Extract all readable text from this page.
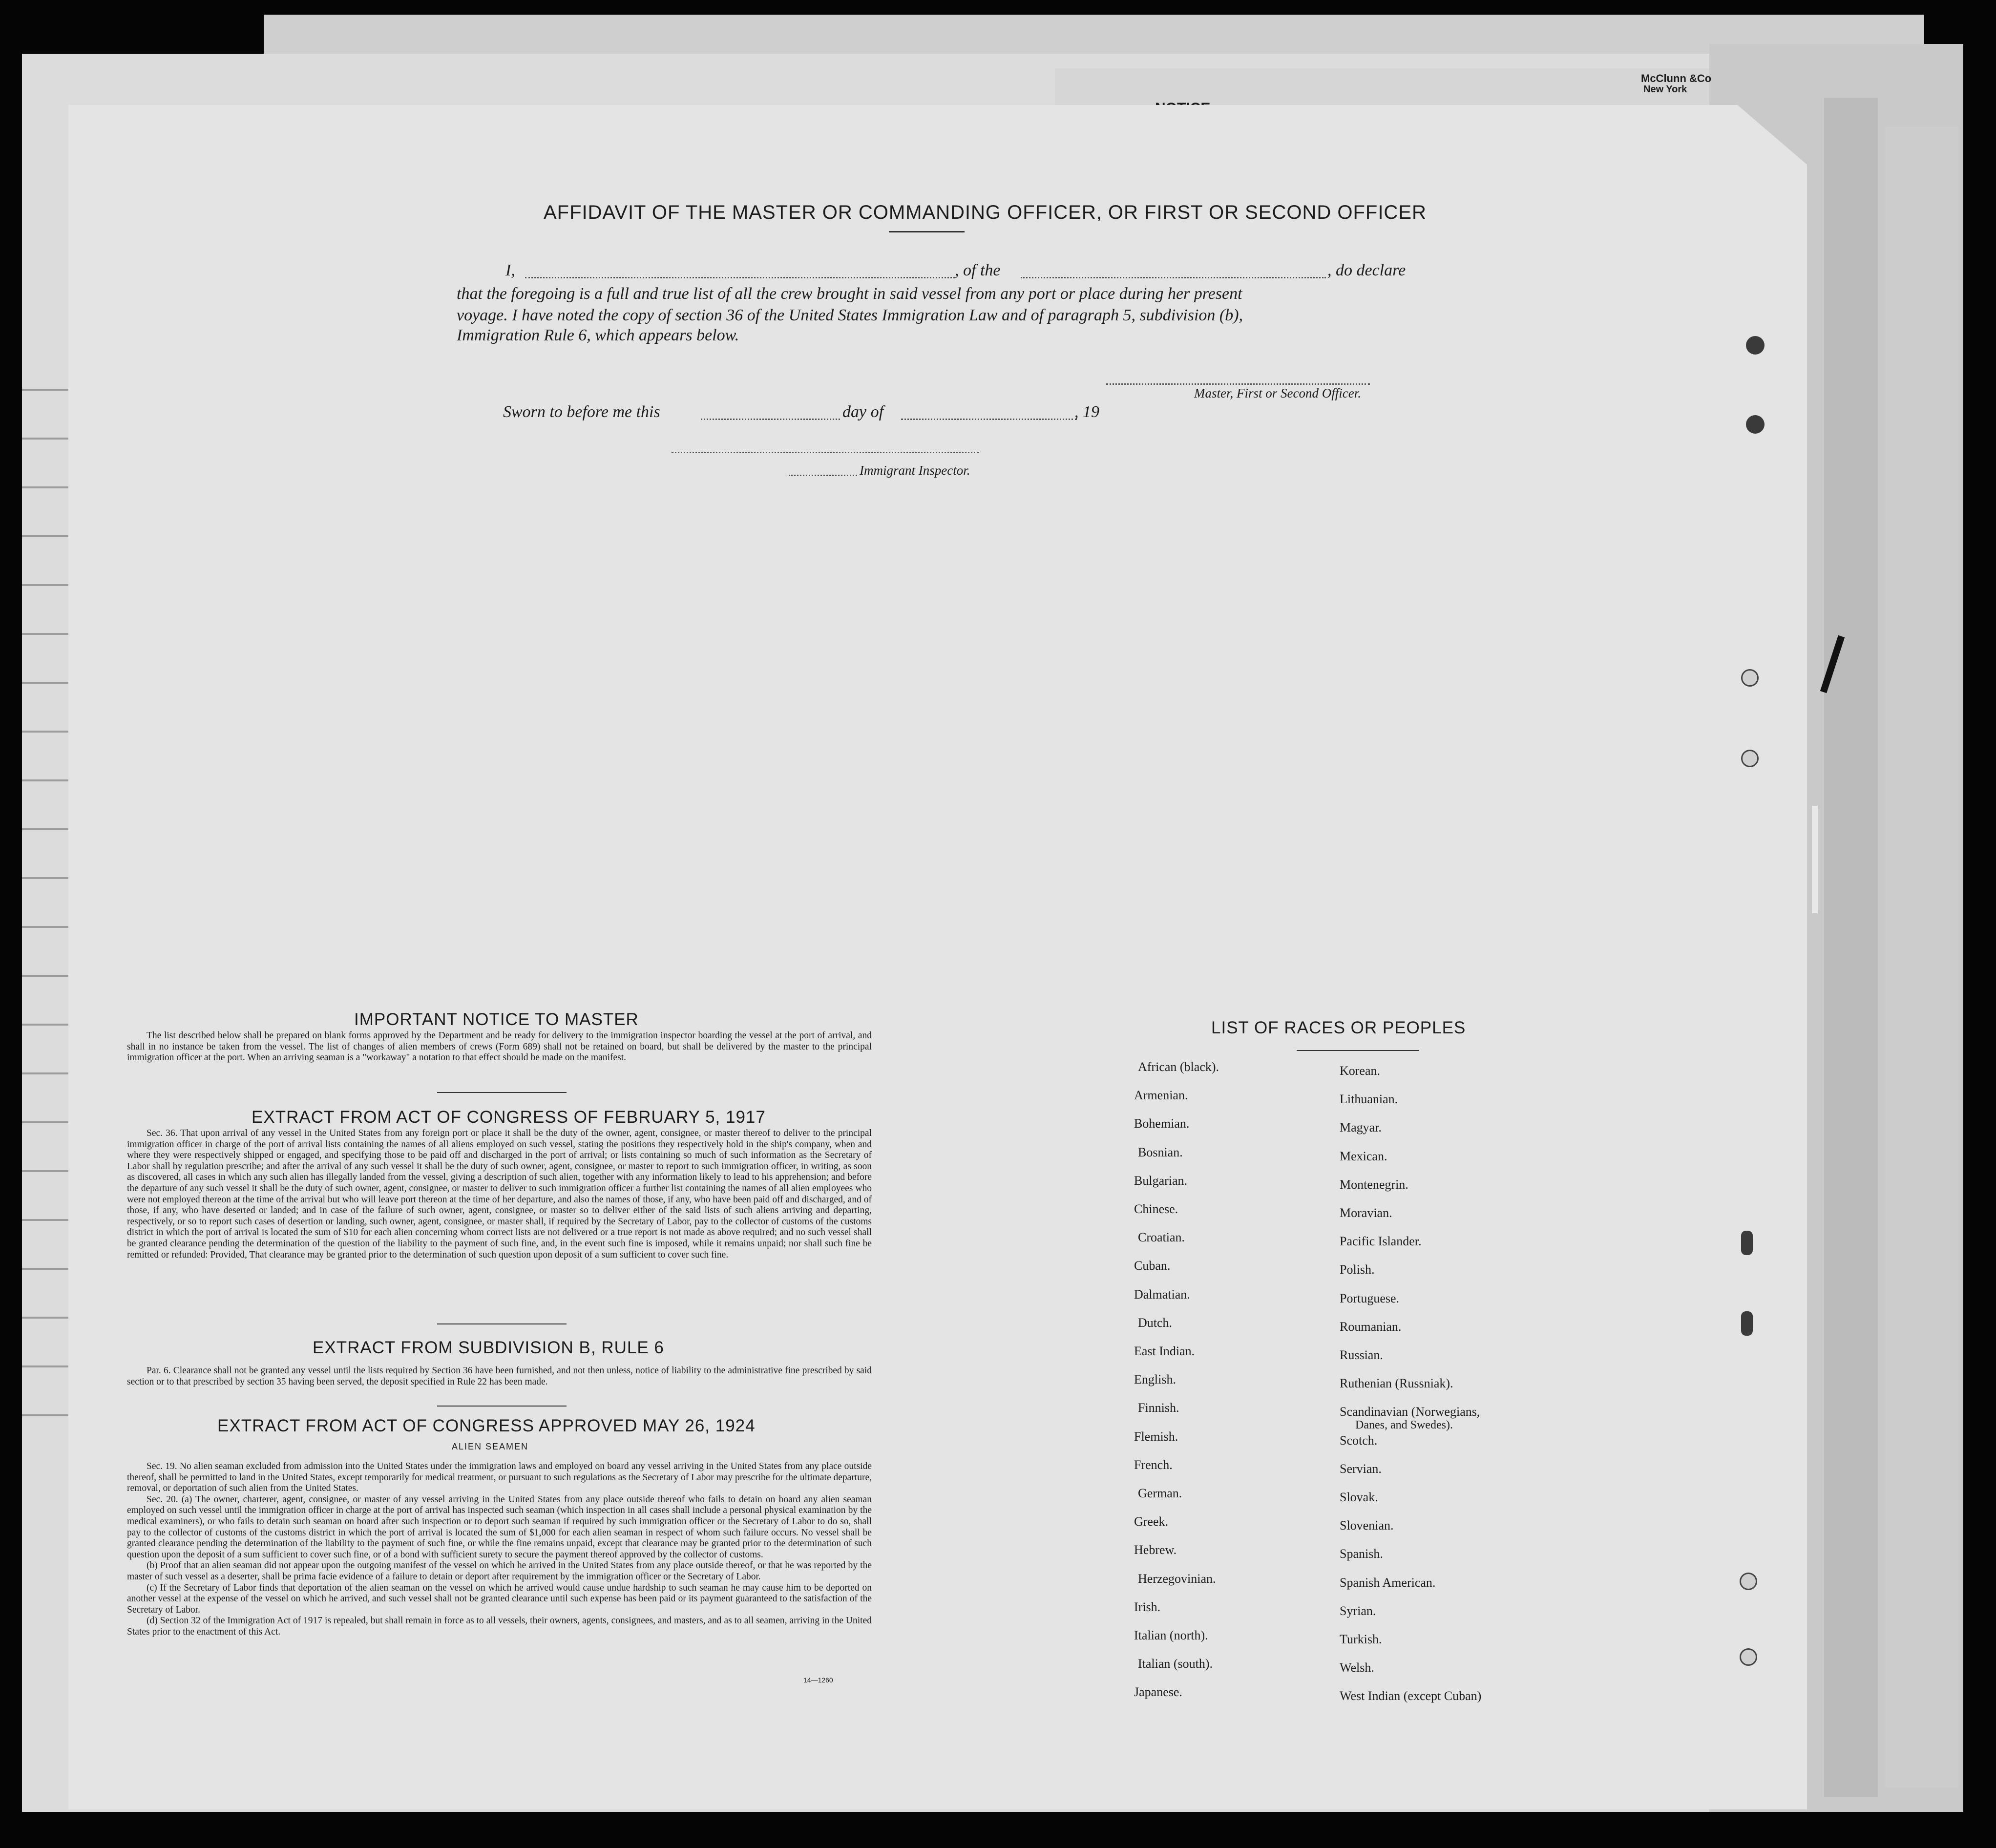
McClunn &Co
New York
AFFIDAVIT OF THE MASTER OR COMMANDING OFFICER, OR FIRST OR SECOND OFFICER
I,	, of the	, do declare
that the foregoing is a full and true list of all the crew brought in said vessel from any port or place during her present
voyage. I have noted the copy of section 36 of the United States Immigration Law and of paragraph 5, subdivision (b),
Immigration Rule 6, which appears below.
Master, First or Second Officer.
Sworn to before me this	day of	, 19
Immigrant Inspector.
IMPORTANT NOTICE TO MASTER

The list described below shall be prepared on blank forms approved by the Department and be ready for delivery to the immigration inspector boarding the vessel at the port of arrival, and shall in no instance be taken from the vessel. The list of changes of alien members of crews (Form 689) shall not be retained on board, but shall be delivered by the master to the principal immigration officer at the port. When an arriving seaman is a "workaway" a notation to that effect should be made on the manifest.

EXTRACT FROM ACT OF CONGRESS OF FEBRUARY 5, 1917

Sec. 36. That upon arrival of any vessel in the United States from any foreign port or place it shall be the duty of the owner, agent, consignee, or master thereof to deliver to the principal immigration officer in charge of the port of arrival lists containing the names of all aliens employed on such vessel, stating the positions they respectively hold in the ship's company, when and where they were respectively shipped or engaged, and specifying those to be paid off and discharged in the port of arrival; or lists containing so much of such information as the Secretary of Labor shall by regulation prescribe; and after the arrival of any such vessel it shall be the duty of such owner, agent, consignee, or master to report to such immigration officer, in writing, as soon as discovered, all cases in which any such alien has illegally landed from the vessel, giving a description of such alien, together with any information likely to lead to his apprehension; and before the departure of any such vessel it shall be the duty of such owner, agent, consignee, or master to deliver to such immigration officer a further list containing the names of all alien employees who were not employed thereon at the time of the arrival but who will leave port thereon at the time of her departure, and also the names of those, if any, who have been paid off and discharged, and of those, if any, who have deserted or landed; and in case of the failure of such owner, agent, consignee, or master so to deliver either of the said lists of such aliens arriving and departing, respectively, or so to report such cases of desertion or landing, such owner, agent, consignee, or master shall, if required by the Secretary of Labor, pay to the collector of customs of the customs district in which the port of arrival is located the sum of $10 for each alien concerning whom correct lists are not delivered or a true report is not made as above required; and no such vessel shall be granted clearance pending the determination of the question of the liability to the payment of such fine, and, in the event such fine is imposed, while it remains unpaid; nor shall such fine be remitted or refunded: Provided, That clearance may be granted prior to the determination of such question upon deposit of a sum sufficient to cover such fine.

EXTRACT FROM SUBDIVISION B, RULE 6

Par. 6. Clearance shall not be granted any vessel until the lists required by Section 36 have been furnished, and not then unless, notice of liability to the administrative fine prescribed by said section or to that prescribed by section 35 having been served, the deposit specified in Rule 22 has been made.

EXTRACT FROM ACT OF CONGRESS APPROVED MAY 26, 1924
ALIEN SEAMEN

Sec. 19. No alien seaman excluded from admission into the United States under the immigration laws and employed on board any vessel arriving in the United States from any place outside thereof, shall be permitted to land in the United States, except temporarily for medical treatment, or pursuant to such regulations as the Secretary of Labor may prescribe for the ultimate departure, removal, or deportation of such alien from the United States.

Sec. 20. (a) The owner, charterer, agent, consignee, or master of any vessel arriving in the United States from any place outside thereof who fails to detain on board any alien seaman employed on such vessel until the immigration officer in charge at the port of arrival has inspected such seaman (which inspection in all cases shall include a personal physical examination by the medical examiners), or who fails to detain such seaman on board after such inspection or to deport such seaman if required by such immigration officer or the Secretary of Labor to do so, shall pay to the collector of customs of the customs district in which the port of arrival is located the sum of $1,000 for each alien seaman in respect of whom such failure occurs. No vessel shall be granted clearance pending the determination of the liability to the payment of such fine, or while the fine remains unpaid, except that clearance may be granted prior to the determination of such question upon the deposit of a sum sufficient to cover such fine, or of a bond with sufficient surety to secure the payment thereof approved by the collector of customs.

(b) Proof that an alien seaman did not appear upon the outgoing manifest of the vessel on which he arrived in the United States from any place outside thereof, or that he was reported by the master of such vessel as a deserter, shall be prima facie evidence of a failure to detain or deport after requirement by the immigration officer or the Secretary of Labor.

(c) If the Secretary of Labor finds that deportation of the alien seaman on the vessel on which he arrived would cause undue hardship to such seaman he may cause him to be deported on another vessel at the expense of the vessel on which he arrived, and such vessel shall not be granted clearance until such expense has been paid or its payment guaranteed to the satisfaction of the Secretary of Labor.

(d) Section 32 of the Immigration Act of 1917 is repealed, but shall remain in force as to all vessels, their owners, agents, consignees, and masters, and as to all seamen, arriving in the United States prior to the enactment of this Act.

14—1260
LIST OF RACES OR PEOPLES
African (black).
Armenian.
Bohemian.
Bosnian.
Bulgarian.
Chinese.
Croatian.
Cuban.
Dalmatian.
Dutch.
East Indian.
English.
Finnish.
Flemish.
French.
German.
Greek.
Hebrew.
Herzegovinian.
Irish.
Italian (north).
Italian (south).
Japanese.
Korean.
Lithuanian.
Magyar.
Mexican.
Montenegrin.
Moravian.
Pacific Islander.
Polish.
Portuguese.
Roumanian.
Russian.
Ruthenian (Russniak).
Scandinavian (Norwegians,
Scotch.
Servian.
Slovak.
Slovenian.
Spanish.
Spanish American.
Syrian.
Turkish.
Welsh.
West Indian (except Cuban)
Danes, and Swedes).
